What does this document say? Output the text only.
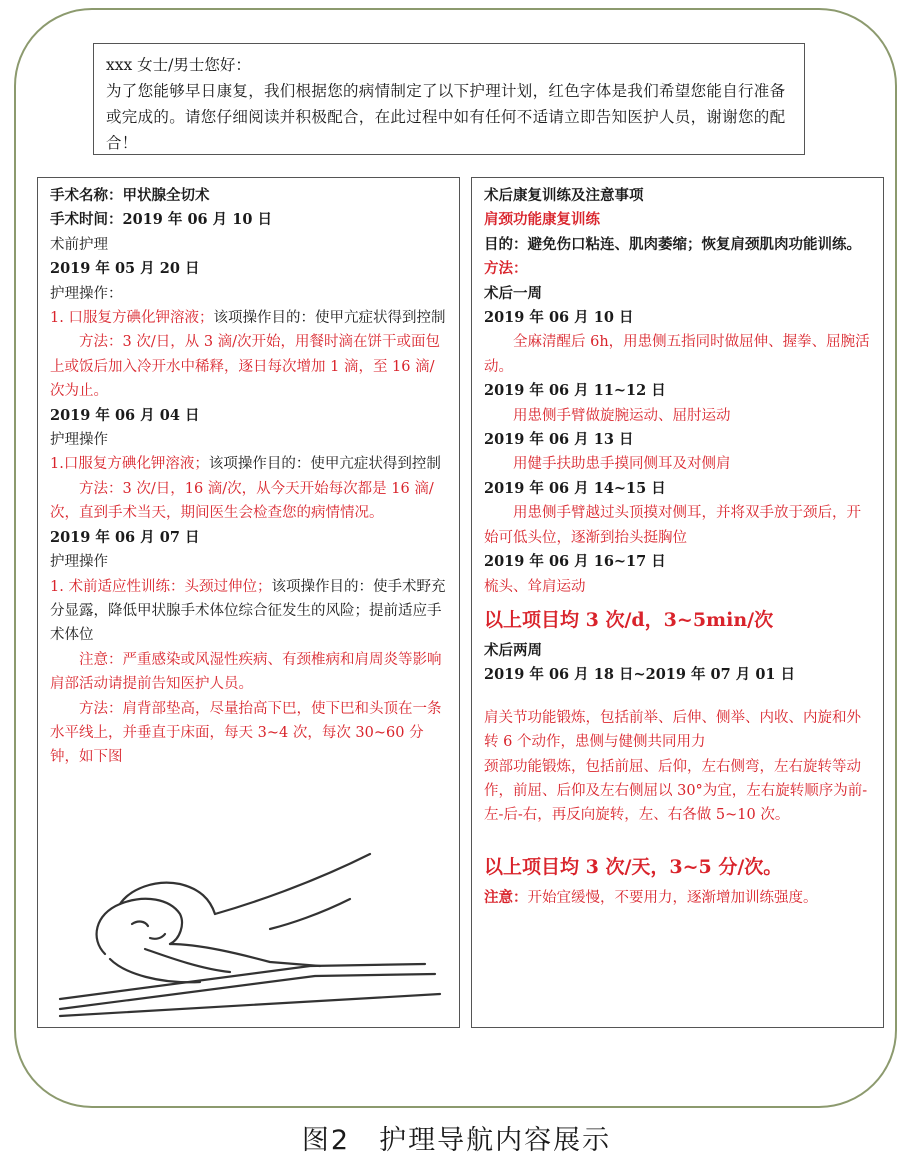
xxx 女士/男士您好：
为了您能够早日康复，我们根据您的病情制定了以下护理计划，红色字体是我们希望您能自行准备或完成的。请您仔细阅读并积极配合，在此过程中如有任何不适请立即告知医护人员，谢谢您的配合！
手术名称：甲状腺全切术
手术时间：2019 年 06 月 10 日
术前护理
2019 年 05 月 20 日
护理操作：
1. 口服复方碘化钾溶液；该项操作目的：使甲亢症状得到控制
方法：3 次/日，从 3 滴/次开始，用餐时滴在饼干或面包上或饭后加入冷开水中稀释，逐日每次增加 1 滴，至 16 滴/次为止。
2019 年 06 月 04 日
护理操作
1.口服复方碘化钾溶液；该项操作目的：使甲亢症状得到控制
方法：3 次/日，16 滴/次，从今天开始每次都是 16 滴/次，直到手术当天，期间医生会检查您的病情情况。
2019 年 06 月 07 日
护理操作
1. 术前适应性训练：头颈过伸位；该项操作目的：使手术野充分显露，降低甲状腺手术体位综合征发生的风险；提前适应手术体位
注意：严重感染或风湿性疾病、有颈椎病和肩周炎等影响肩部活动请提前告知医护人员。
方法：肩背部垫高，尽量抬高下巴，使下巴和头顶在一条水平线上，并垂直于床面，每天 3~4 次，每次 30~60 分钟，如下图
术后康复训练及注意事项
肩颈功能康复训练
目的：避免伤口粘连、肌肉萎缩；恢复肩颈肌肉功能训练。
方法：
术后一周
2019 年 06 月 10 日
全麻清醒后 6h，用患侧五指同时做屈伸、握拳、屈腕活动。
2019 年 06 月 11~12 日
用患侧手臂做旋腕运动、屈肘运动
2019 年 06 月 13 日
用健手扶助患手摸同侧耳及对侧肩
2019 年 06 月 14~15 日
用患侧手臂越过头顶摸对侧耳，并将双手放于颈后，开始可低头位，逐渐到抬头挺胸位
2019 年 06 月 16~17 日
梳头、耸肩运动
以上项目均 3 次/d，3~5min/次
术后两周
2019 年 06 月 18 日~2019 年 07 月 01 日
肩关节功能锻炼，包括前举、后伸、侧举、内收、内旋和外转 6 个动作，患侧与健侧共同用力
颈部功能锻炼，包括前屈、后仰，左右侧弯，左右旋转等动作，前屈、后仰及左右侧屈以 30°为宜，左右旋转顺序为前-左-后-右，再反向旋转，左、右各做 5~10 次。
以上项目均 3 次/天，3~5 分/次。
注意：开始宜缓慢，不要用力，逐渐增加训练强度。
图2　护理导航内容展示
